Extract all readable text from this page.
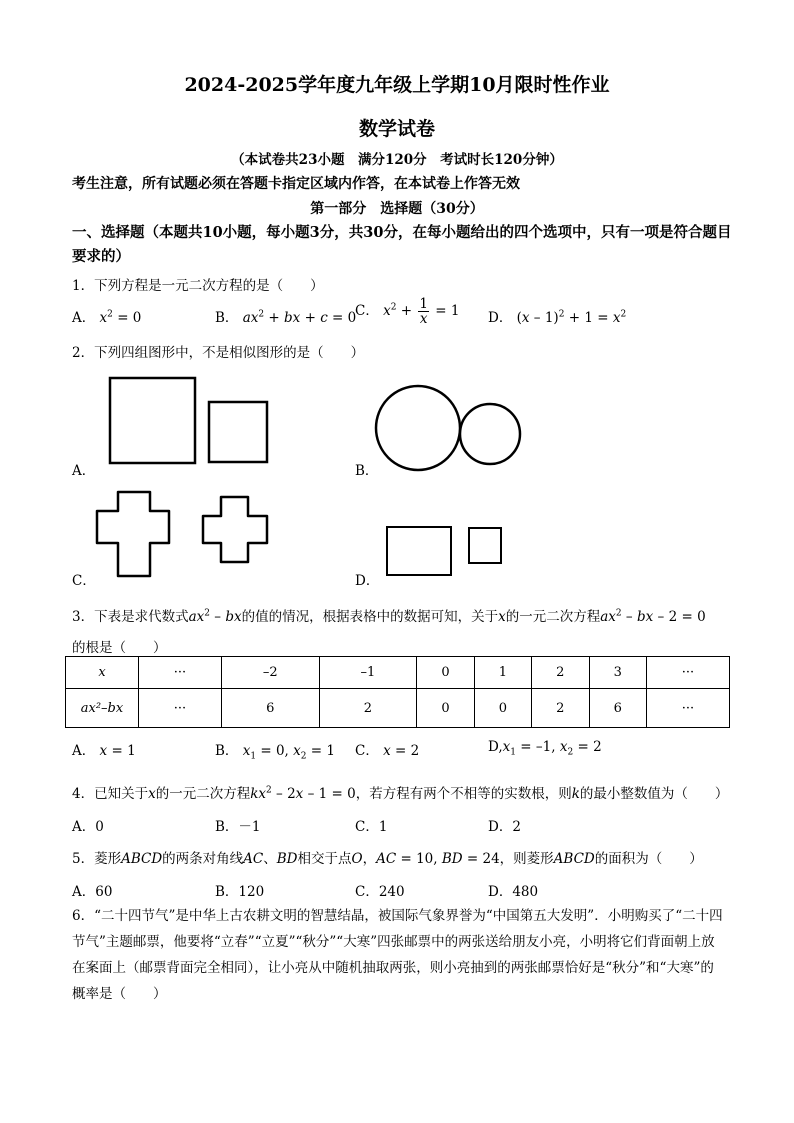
2024-2025学年度九年级上学期10月限时性作业
数学试卷
（本试卷共23小题　满分120分　考试时长120分钟）
考生注意，所有试题必须在答题卡指定区域内作答，在本试卷上作答无效
第一部分　选择题（30分）
一、选择题（本题共10小题，每小题3分，共30分，在每小题给出的四个选项中，只有一项是符合题目要求的）
1．下列方程是一元二次方程的是（　　）
A． $x^2 = 0$	B． $ax^2$ + bx + c = 0
C． $x^2 + \frac{1}{x} = 1$ D． $(x - 1)^2 + 1 = x^2$
2．下列四组图形中，不是相似图形的是（　　）
A．	B．
C．	D．
3．下表是求代数式$ax^2$ – bx的值的情况，根据表格中的数据可知，关于x的一元二次方程$ax^2$ – bx – 2 = 0
的根是（　　）
x	···	–2	–1	0	1	2	3	···
ax²–bx	···	6	2	0	0	2	6	···
A． x = 1	B． $x_1 = 0$, $x_2 = 1$ C． x = 2	$D,x_1 = -1$, $x_2 = 2$
4．已知关于x的一元二次方程$kx^2 - 2x - 1 = 0$，若方程有两个不相等的实数根，则k的最小整数值为（　　）
A．0	B．－1	C．1	D．2
5．菱形ABCD的两条对角线AC、BD相交于点O，AC = 10, BD = 24，则菱形ABCD的面积为（　　）
A．60	B．120	C．240	D．480
6．“二十四节气”是中华上古农耕文明的智慧结晶，被国际气象界誉为“中国第五大发明”．小明购买了“二十四节气”主题邮票，他要将“立春”“立夏”“秋分”“大寒”四张邮票中的两张送给朋友小亮，小明将它们背面朝上放在案面上（邮票背面完全相同），让小亮从中随机抽取两张，则小亮抽到的两张邮票恰好是“秋分”和“大寒”的概率是（　　）
